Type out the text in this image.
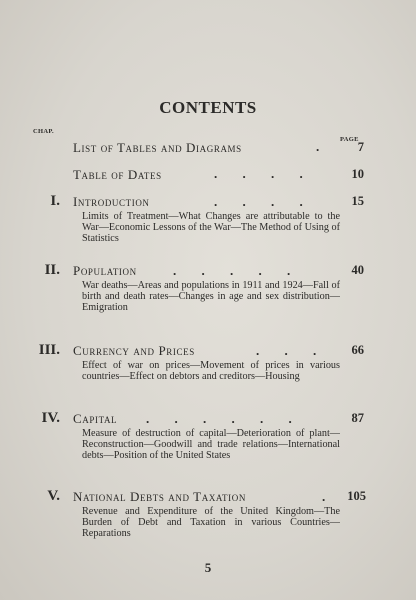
CONTENTS
CHAP.
PAGE
List of Tables and Diagrams	. 7
Table of Dates	. . . .	10
I. Introduction	. . . .	15
Limits of Treatment—What Changes are attributable to the War—Economic Lessons of the War—The Method of Using of Statistics
II. Population	. . . . .	40
War deaths—Areas and populations in 1911 and 1924—Fall of birth and death rates—Changes in age and sex distribution—Emigration
III. Currency and Prices	. . . 66
Effect of war on prices—Movement of prices in various countries—Effect on debtors and creditors—Housing
IV. Capital . . . . . .	87
Measure of destruction of capital—Deterioration of plant—Reconstruction—Goodwill and trade relations—International debts—Position of the United States
V. National Debts and Taxation	. 105
Revenue and Expenditure of the United Kingdom—The Burden of Debt and Taxation in various Countries—Reparations
5
